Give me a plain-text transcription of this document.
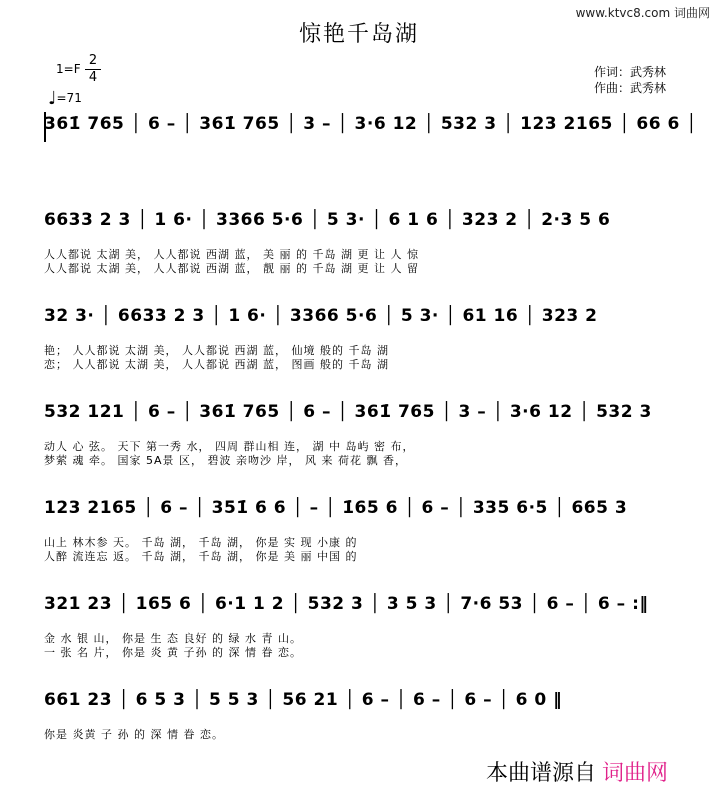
www.ktvc8.com 词曲网
惊艳千岛湖
1=F
2
4
♩=71
作词：武秀林
作曲：武秀林
361̇ 765 │ 6 – │ 361̇ 765 │ 3 – │ 3·6 12 │ 532 3 │ 123 2165 │ 66 6 │
6633 2 3 │ 1 6· │ 3366 5·6 │ 5 3· │ 6 1 6 │ 323 2 │ 2·3 5 6
人人都说 太湖 美， 人人都说 西湖 蓝， 美 丽 的 千岛 湖 更 让 人 惊
人人都说 太湖 美， 人人都说 西湖 蓝， 靓 丽 的 千岛 湖 更 让 人 留
32 3· │ 6633 2 3 │ 1 6· │ 3366 5·6 │ 5 3· │ 61 16 │ 323 2
艳； 人人都说 太湖 美， 人人都说 西湖 蓝， 仙境 般的 千岛 湖
恋； 人人都说 太湖 美， 人人都说 西湖 蓝， 图画 般的 千岛 湖
532 121 │ 6 – │ 361̇ 765 │ 6 – │ 361̇ 765 │ 3 – │ 3·6 12 │ 532 3
动人 心 弦。 天下 第一秀 水， 四周 群山相 连， 湖 中 岛屿 密 布，
梦萦 魂 牵。 国家 5A景 区， 碧波 亲吻沙 岸， 风 来 荷花 飘 香，
123 2165 │ 6 – │ 351̇ 6 6 │ – │ 1̇65 6 │ 6 – │ 335 6·5 │ 665 3
山上 林木参 天。 千岛 湖， 千岛 湖， 你是 实 现 小康 的
人醉 流连忘 返。 千岛 湖， 千岛 湖， 你是 美 丽 中国 的
321 23 │ 165 6 │ 6·1 1 2 │ 532 3 │ 3 5 3 │ 7·6 53 │ 6 – │ 6 – :‖
金 水 银 山， 你是 生 态 良好 的 绿 水 青 山。
一 张 名 片， 你是 炎 黄 子孙 的 深 情 眷 恋。
661 23 │ 6 5 3 │ 5 5 3 │ 56 21 │ 6 – │ 6 – │ 6 – │ 6 0 ‖
你是 炎黄 子 孙 的 深 情 眷 恋。
本曲谱源自 词曲网
